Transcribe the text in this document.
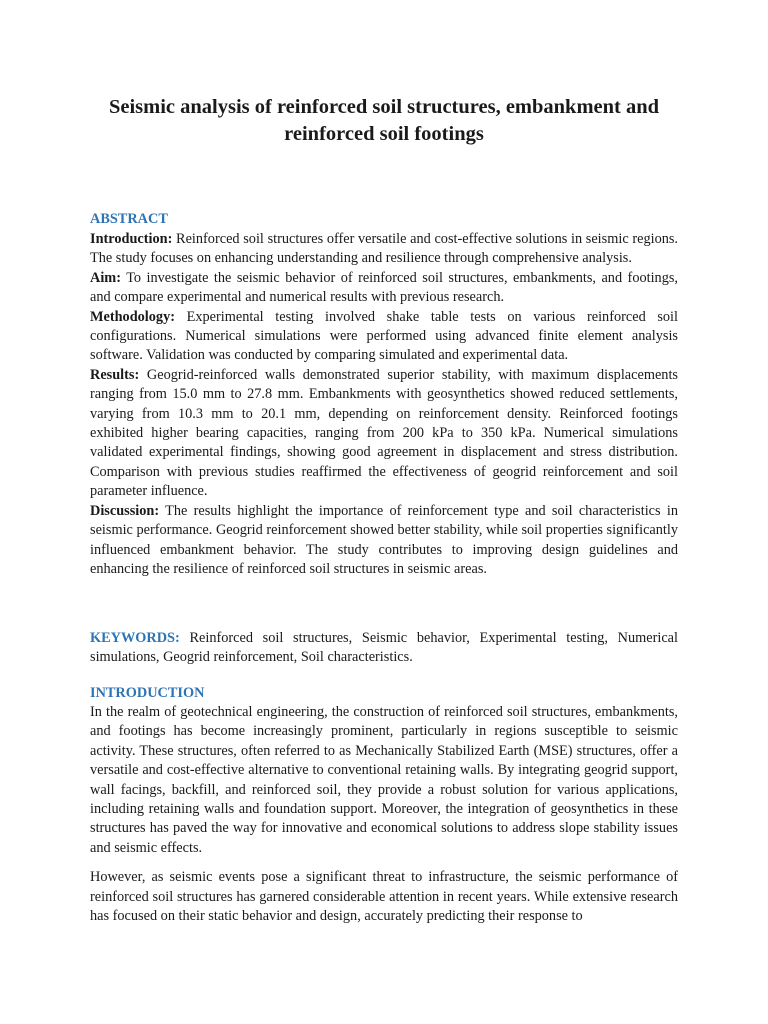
Seismic analysis of reinforced soil structures, embankment and reinforced soil footings
ABSTRACT

Introduction: Reinforced soil structures offer versatile and cost-effective solutions in seismic regions. The study focuses on enhancing understanding and resilience through comprehensive analysis.

Aim: To investigate the seismic behavior of reinforced soil structures, embankments, and footings, and compare experimental and numerical results with previous research.

Methodology: Experimental testing involved shake table tests on various reinforced soil configurations. Numerical simulations were performed using advanced finite element analysis software. Validation was conducted by comparing simulated and experimental data.

Results: Geogrid-reinforced walls demonstrated superior stability, with maximum displacements ranging from 15.0 mm to 27.8 mm. Embankments with geosynthetics showed reduced settlements, varying from 10.3 mm to 20.1 mm, depending on reinforcement density. Reinforced footings exhibited higher bearing capacities, ranging from 200 kPa to 350 kPa. Numerical simulations validated experimental findings, showing good agreement in displacement and stress distribution. Comparison with previous studies reaffirmed the effectiveness of geogrid reinforcement and soil parameter influence.

Discussion: The results highlight the importance of reinforcement type and soil characteristics in seismic performance. Geogrid reinforcement showed better stability, while soil properties significantly influenced embankment behavior. The study contributes to improving design guidelines and enhancing the resilience of reinforced soil structures in seismic areas.

KEYWORDS: Reinforced soil structures, Seismic behavior, Experimental testing, Numerical simulations, Geogrid reinforcement, Soil characteristics.

INTRODUCTION

In the realm of geotechnical engineering, the construction of reinforced soil structures, embankments, and footings has become increasingly prominent, particularly in regions susceptible to seismic activity. These structures, often referred to as Mechanically Stabilized Earth (MSE) structures, offer a versatile and cost-effective alternative to conventional retaining walls. By integrating geogrid support, wall facings, backfill, and reinforced soil, they provide a robust solution for various applications, including retaining walls and foundation support. Moreover, the integration of geosynthetics in these structures has paved the way for innovative and economical solutions to address slope stability issues and seismic effects.

However, as seismic events pose a significant threat to infrastructure, the seismic performance of reinforced soil structures has garnered considerable attention in recent years. While extensive research has focused on their static behavior and design, accurately predicting their response to
